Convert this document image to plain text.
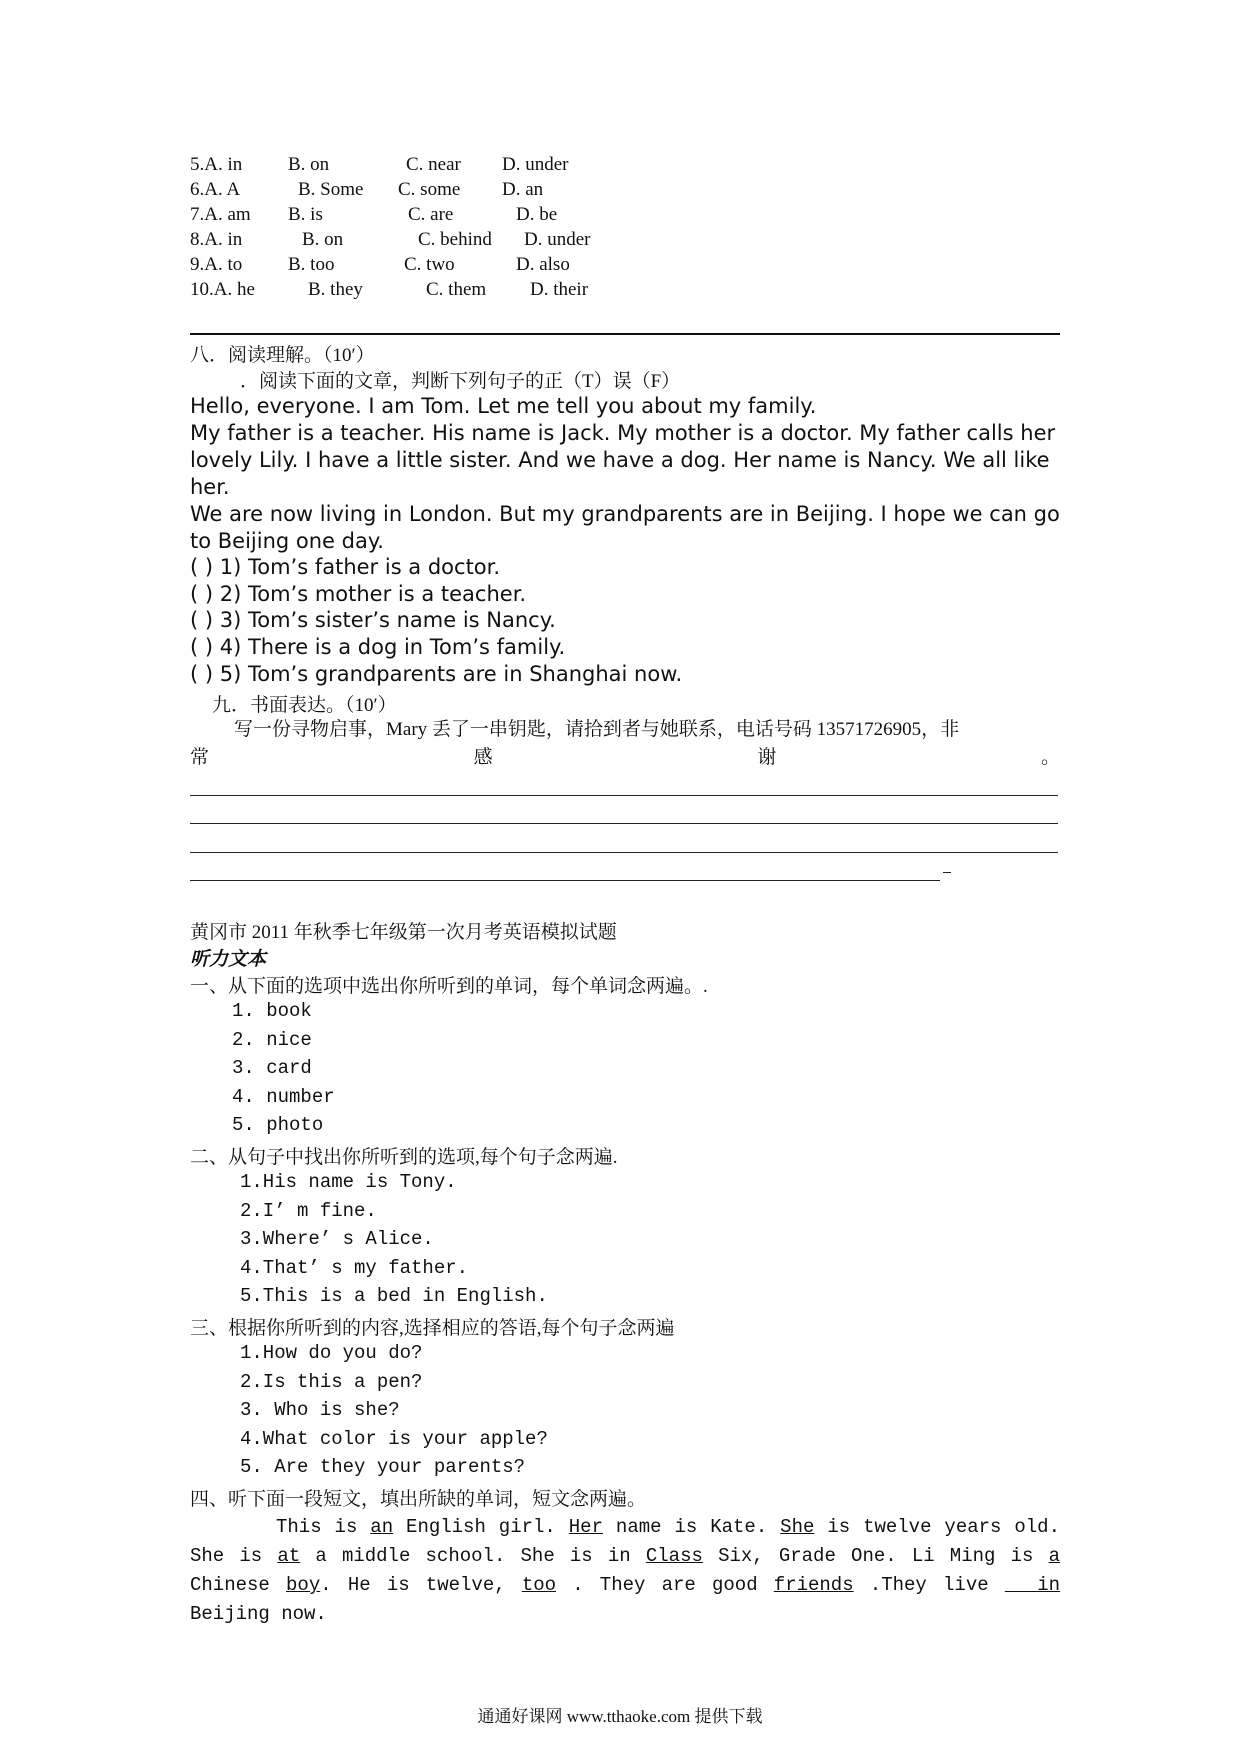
5.A. in B. on	C. near D. under
6.A. A	B. Some C. some D. an
7.A. am B. is	C. are	D. be
8.A. in	B. on	C. behind D. under
9.A. to B. too	C. two	D. also
10.A. he	B. they	C. them D. their
八．阅读理解。（10′）
．阅读下面的文章，判断下列句子的正（T）误（F）

Hello, everyone. I am Tom. Let me tell you about my family.

My father is a teacher. His name is Jack. My mother is a doctor. My father calls her lovely Lily. I have a little sister. And we have a dog. Her name is Nancy. We all like her.

We are now living in London. But my grandparents are in Beijing. I hope we can go to Beijing one day.

( ) 1) Tom’s father is a doctor.
( ) 2) Tom’s mother is a teacher.
( ) 3) Tom’s sister’s name is Nancy.
( ) 4) There is a dog in Tom’s family.
( ) 5) Tom’s grandparents are in Shanghai now.
九．书面表达。（10′）
写一份寻物启事，Mary 丢了一串钥匙，请拾到者与她联系，电话号码 13571726905，非
常	感	谢	。
黄冈市 2011 年秋季七年级第一次月考英语模拟试题
听力文本
一、从下面的选项中选出你所听到的单词，每个单词念两遍。.
1. book
2. nice
3. card
4. number
5. photo
二、从句子中找出你所听到的选项,每个句子念两遍.
1.His name is Tony.
2.I’ m fine.
3.Where’ s Alice.
4.That’ s my father.
5.This is a bed in English.
三、根据你所听到的内容,选择相应的答语,每个句子念两遍
1.How do you do?
2.Is this a pen?
3. Who is she?
4.What color is your apple?
5. Are they your parents?
四、听下面一段短文，填出所缺的单词，短文念两遍。
This is an English girl. Her name is Kate. She is twelve years old. She is at a middle school. She is in Class Six, Grade One. Li Ming is a Chinese boy. He is twelve, too . They are good friends .They live   in Beijing now.
通通好课网 www.tthaoke.com 提供下载
